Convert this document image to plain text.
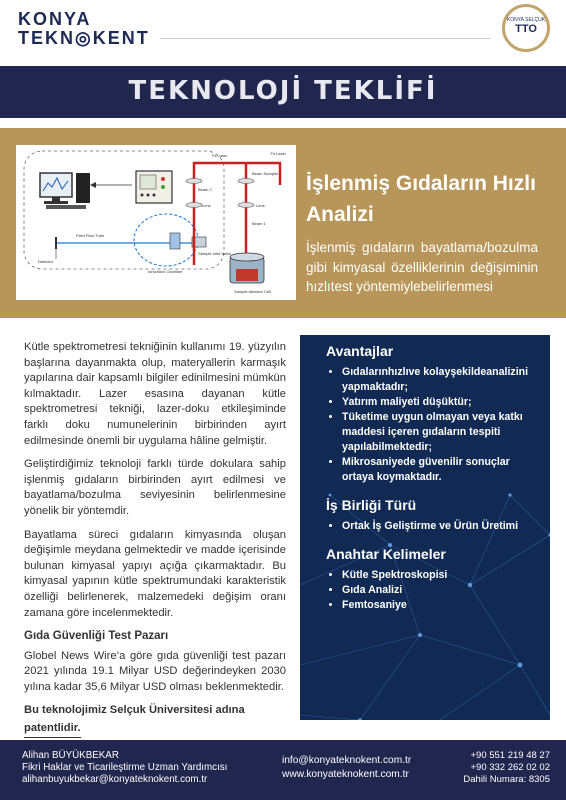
KONYA
TEKN◎KENT
KONYA SELÇUK
TTO
TEKNOLOJİ TEKLİFİ
Field Flow Tube
Detector
Ionization Chamber
Sample Inlet Valve
Fs Laser
Fs Laser
Beam Sampler
Beam 2
Beam 1
Lens	Lens
Sample Ablation Cell
İşlenmiş Gıdaların Hızlı Analizi
İşlenmiş gıdaların bayatlama/bozulma gibi kimyasal özelliklerinin değişiminin hızlıtest yöntemiylebelirlenmesi

Kütle spektrometresi tekniğinin kullanımı 19. yüzyılın başlarına dayanmakta olup, materyallerin karmaşık yapılarına dair kapsamlı bilgiler edinilmesini mümkün kılmaktadır. Lazer esasına dayanan kütle spektrometresi tekniği, lazer-doku etkileşiminde farklı doku numunelerinin birbirinden ayırt edilmesinde önemli bir uygulama hâline gelmiştir.

Geliştirdiğimiz teknoloji farklı türde dokulara sahip işlenmiş gıdaların birbirinden ayırt edilmesi ve bayatlama/bozulma seviyesinin belirlenmesine yönelik bir yöntemdir.

Bayatlama süreci gıdaların kimyasında oluşan değişimle meydana gelmektedir ve madde içerisinde bulunan kimyasal yapıyı açığa çıkarmaktadır. Bu kimyasal yapının kütle spektrumundaki karakteristik özelliği belirlenerek, malzemedeki değişim oranı zamana göre incelenmektedir.

Gıda Güvenliği Test Pazarı

Globel News Wire’a göre gıda güvenliği test pazarı 2021 yılında 19.1 Milyar USD değerindeyken 2030 yılına kadar 35,6 Milyar USD olması beklenmektedir.

Bu teknolojimiz Selçuk Üniversitesi adına

patentlidir.

Avantajlar
• Gıdalarınhızlıve kolayşekildeanalizini yapmaktadır;
• Yatırım maliyeti düşüktür;
• Tüketime uygun olmayan veya katkı maddesi içeren gıdaların tespiti yapılabilmektedir;
• Mikrosaniyede güvenilir sonuçlar ortaya koymaktadır.
İş Birliği Türü
• Ortak İş Geliştirme ve Ürün Üretimi
Anahtar Kelimeler
• Kütle Spektroskopisi
• Gıda Analizi
• Femtosaniye
Alihan BÜYÜKBEKAR
Fikri Haklar ve Ticarileştirme Uzman Yardımcısı
alihanbuyukbekar@konyateknokent.com.tr
info@konyateknokent.com.tr
www.konyateknokent.com.tr
+90 551 219 48 27
+90 332 262 02 02
Dahili Numara: 8305
